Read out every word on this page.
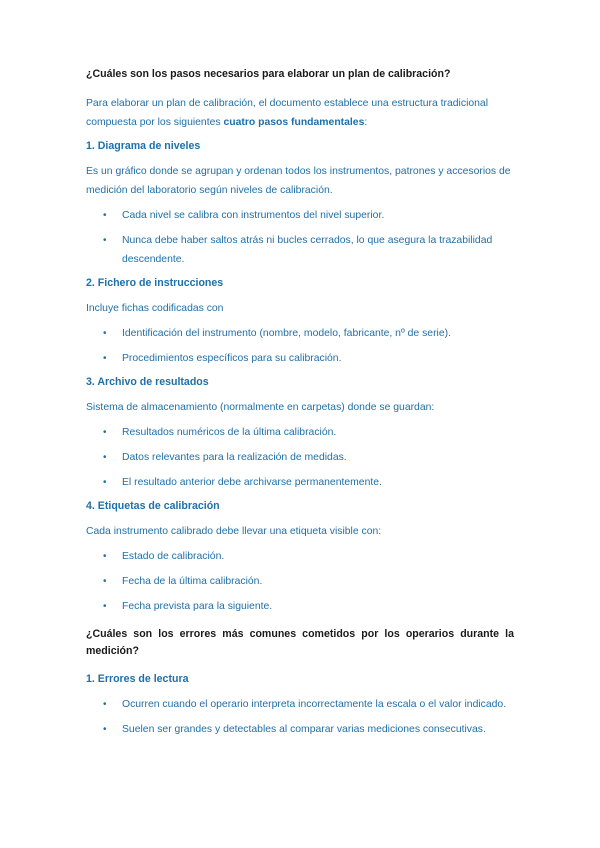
¿Cuáles son los pasos necesarios para elaborar un plan de calibración?
Para elaborar un plan de calibración, el documento establece una estructura tradicional compuesta por los siguientes cuatro pasos fundamentales:
1. Diagrama de niveles
Es un gráfico donde se agrupan y ordenan todos los instrumentos, patrones y accesorios de medición del laboratorio según niveles de calibración.
• Cada nivel se calibra con instrumentos del nivel superior.
• Nunca debe haber saltos atrás ni bucles cerrados, lo que asegura la trazabilidad descendente.
2. Fichero de instrucciones
Incluye fichas codificadas con
• Identificación del instrumento (nombre, modelo, fabricante, nº de serie).
• Procedimientos específicos para su calibración.
3. Archivo de resultados
Sistema de almacenamiento (normalmente en carpetas) donde se guardan:
• Resultados numéricos de la última calibración.
• Datos relevantes para la realización de medidas.
• El resultado anterior debe archivarse permanentemente.
4. Etiquetas de calibración
Cada instrumento calibrado debe llevar una etiqueta visible con:
• Estado de calibración.
• Fecha de la última calibración.
• Fecha prevista para la siguiente.
¿Cuáles son los errores más comunes cometidos por los operarios durante la medición?
1. Errores de lectura
• Ocurren cuando el operario interpreta incorrectamente la escala o el valor indicado.
• Suelen ser grandes y detectables al comparar varias mediciones consecutivas.
